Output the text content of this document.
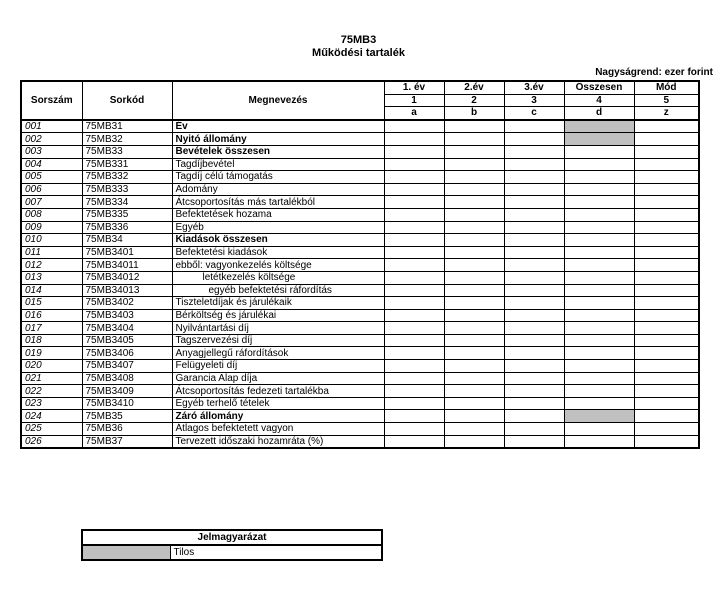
75MB3
Működési tartalék
Nagyságrend: ezer forint
Sorszám	Sorkód	Megnevezés	1. év	2.év	3.év	Összesen	Mód
			1	2	3	4	5
			a	b	c	d	z
001	75MB31	Év					
002	75MB32	Nyitó állomány					
003	75MB33	Bevételek összesen					
004	75MB331	Tagdíjbevétel					
005	75MB332	Tagdíj célú támogatás					
006	75MB333	Adomány					
007	75MB334	Átcsoportosítás más tartalékból					
008	75MB335	Befektetések hozama					
009	75MB336	Egyéb					
010	75MB34	Kiadások összesen					
011	75MB3401	Befektetési kiadások					
012	75MB34011	ebből: vagyonkezelés költsége					
013	75MB34012	letétkezelés költsége					
014	75MB34013	egyéb befektetési ráfordítás					
015	75MB3402	Tiszteletdíjak és járulékaik					
016	75MB3403	Bérköltség és járulékai					
017	75MB3404	Nyilvántartási díj					
018	75MB3405	Tagszervezési díj					
019	75MB3406	Anyagjellegű ráfordítások					
020	75MB3407	Felügyeleti díj					
021	75MB3408	Garancia Alap díja					
022	75MB3409	Átcsoportosítás fedezeti tartalékba					
023	75MB3410	Egyéb terhelő tételek					
024	75MB35	Záró állomány					
025	75MB36	Átlagos befektetett vagyon					
026	75MB37	Tervezett időszaki hozamráta (%)					
Jelmagyarázat
	Tilos
